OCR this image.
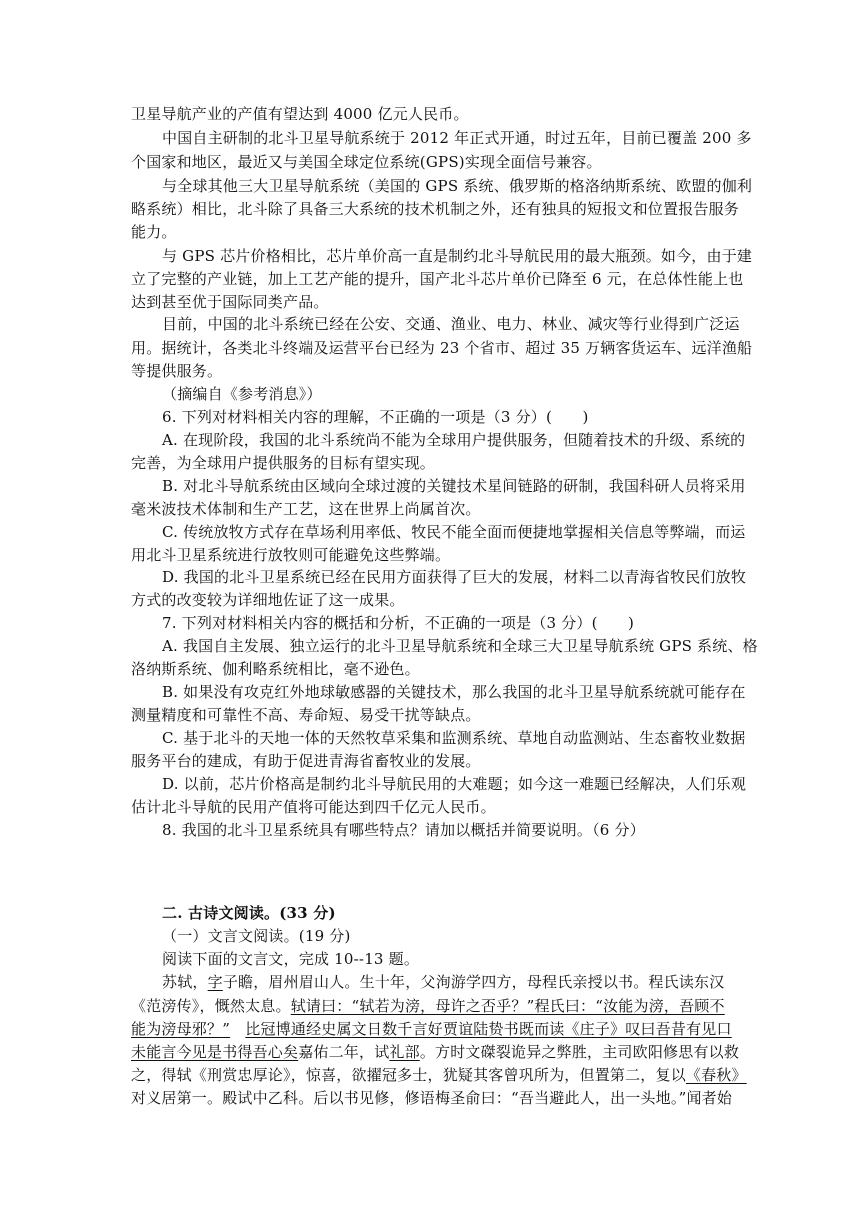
卫星导航产业的产值有望达到 4000 亿元人民币。
中国自主研制的北斗卫星导航系统于 2012 年正式开通，时过五年，目前已覆盖 200 多
个国家和地区，最近又与美国全球定位系统(GPS)实现全面信号兼容。
与全球其他三大卫星导航系统（美国的 GPS 系统、俄罗斯的格洛纳斯系统、欧盟的伽利
略系统）相比，北斗除了具备三大系统的技术机制之外，还有独具的短报文和位置报告服务
能力。
与 GPS 芯片价格相比，芯片单价高一直是制约北斗导航民用的最大瓶颈。如今，由于建
立了完整的产业链，加上工艺产能的提升，国产北斗芯片单价已降至 6 元，在总体性能上也
达到甚至优于国际同类产品。
目前，中国的北斗系统已经在公安、交通、渔业、电力、林业、减灾等行业得到广泛运
用。据统计，各类北斗终端及运营平台已经为 23 个省市、超过 35 万辆客货运车、远洋渔船
等提供服务。
（摘编自《参考消息》）
6. 下列对材料相关内容的理解，不正确的一项是（3 分）(　　)
A. 在现阶段，我国的北斗系统尚不能为全球用户提供服务，但随着技术的升级、系统的
完善，为全球用户提供服务的目标有望实现。
B. 对北斗导航系统由区域向全球过渡的关键技术星间链路的研制，我国科研人员将采用
毫米波技术体制和生产工艺，这在世界上尚属首次。
C. 传统放牧方式存在草场利用率低、牧民不能全面而便捷地掌握相关信息等弊端，而运
用北斗卫星系统进行放牧则可能避免这些弊端。
D. 我国的北斗卫星系统已经在民用方面获得了巨大的发展，材料二以青海省牧民们放牧
方式的改变较为详细地佐证了这一成果。
7. 下列对材料相关内容的概括和分析，不正确的一项是（3 分）(　　)
A. 我国自主发展、独立运行的北斗卫星导航系统和全球三大卫星导航系统 GPS 系统、格
洛纳斯系统、伽利略系统相比，毫不逊色。
B. 如果没有攻克红外地球敏感器的关键技术，那么我国的北斗卫星导航系统就可能存在
测量精度和可靠性不高、寿命短、易受干扰等缺点。
C. 基于北斗的天地一体的天然牧草采集和监测系统、草地自动监测站、生态畜牧业数据
服务平台的建成，有助于促进青海省畜牧业的发展。
D. 以前，芯片价格高是制约北斗导航民用的大难题；如今这一难题已经解决，人们乐观
估计北斗导航的民用产值将可能达到四千亿元人民币。
8. 我国的北斗卫星系统具有哪些特点？请加以概括并简要说明。（6 分）
二. 古诗文阅读。(33 分)
（一）文言文阅读。(19 分)
阅读下面的文言文，完成 10--13 题。
苏轼，字子瞻，眉州眉山人。生十年，父洵游学四方，母程氏亲授以书。程氏读东汉
《范滂传》，慨然太息。轼请曰：“轼若为滂，母许之否乎？”程氏曰：“汝能为滂，吾顾不
能为滂母邪？”　 比冠博通经史属文日数千言好贾谊陆贽书既而读《庄子》叹曰吾昔有见口
未能言今见是书得吾心矣嘉佑二年，试礼部。方时文磔裂诡异之弊胜，主司欧阳修思有以救
之，得轼《刑赏忠厚论》，惊喜，欲擢冠多士，犹疑其客曾巩所为，但置第二，复以《春秋》
对义居第一。殿试中乙科。后以书见修，修语梅圣俞曰：“吾当避此人，出一头地。”闻者始
